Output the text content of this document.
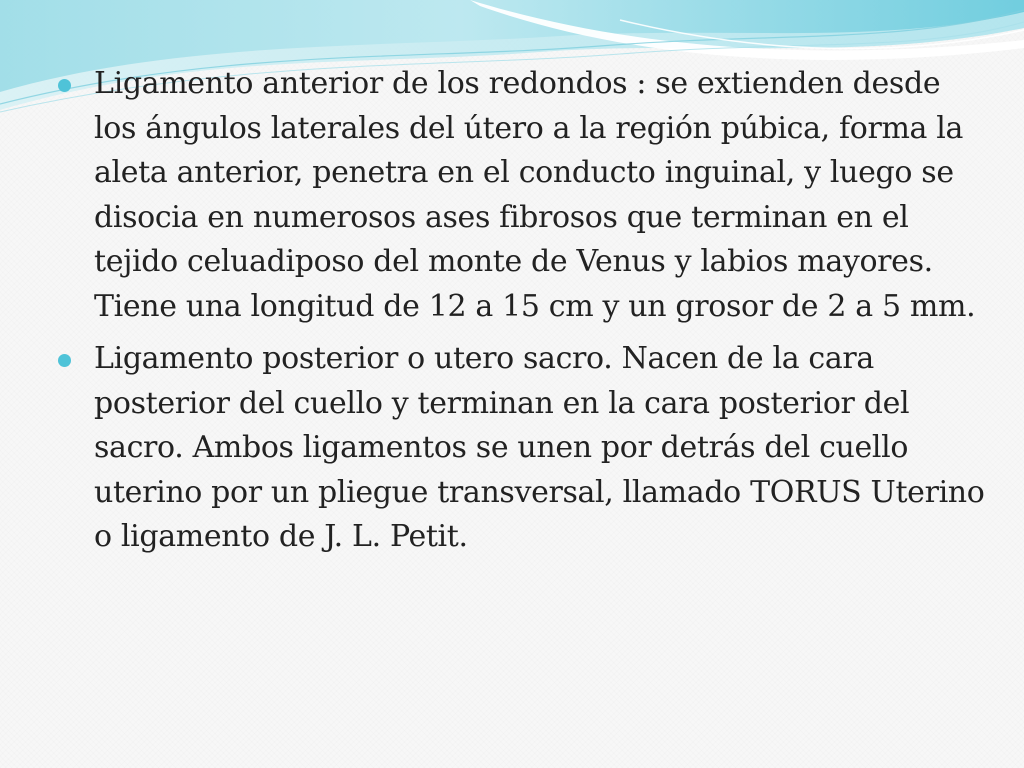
Ligamento anterior de los redondos : se extienden desde los ángulos laterales del útero a la región púbica, forma la aleta anterior, penetra en el conducto inguinal, y luego se disocia en numerosos ases fibrosos que terminan en el tejido celuadiposo del monte de Venus y labios mayores. Tiene una longitud de 12 a 15 cm y un grosor de 2 a 5 mm.
Ligamento posterior o utero sacro. Nacen de la cara posterior del cuello y terminan en la cara posterior del sacro. Ambos ligamentos se unen por detrás del cuello uterino por un pliegue transversal, llamado TORUS Uterino o ligamento de J. L. Petit.
